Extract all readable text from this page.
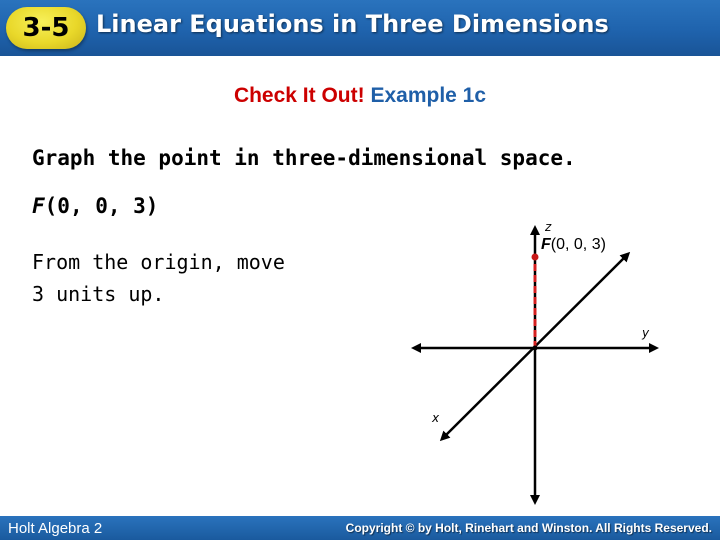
3-5	Linear Equations in Three Dimensions
Check It Out! Example 1c
Graph the point in three-dimensional space.
F(0, 0, 3)
From the origin, move
3 units up.
z
y
x
F(0, 0, 3)
Holt Algebra 2	Copyright © by Holt, Rinehart and Winston. All Rights Reserved.
